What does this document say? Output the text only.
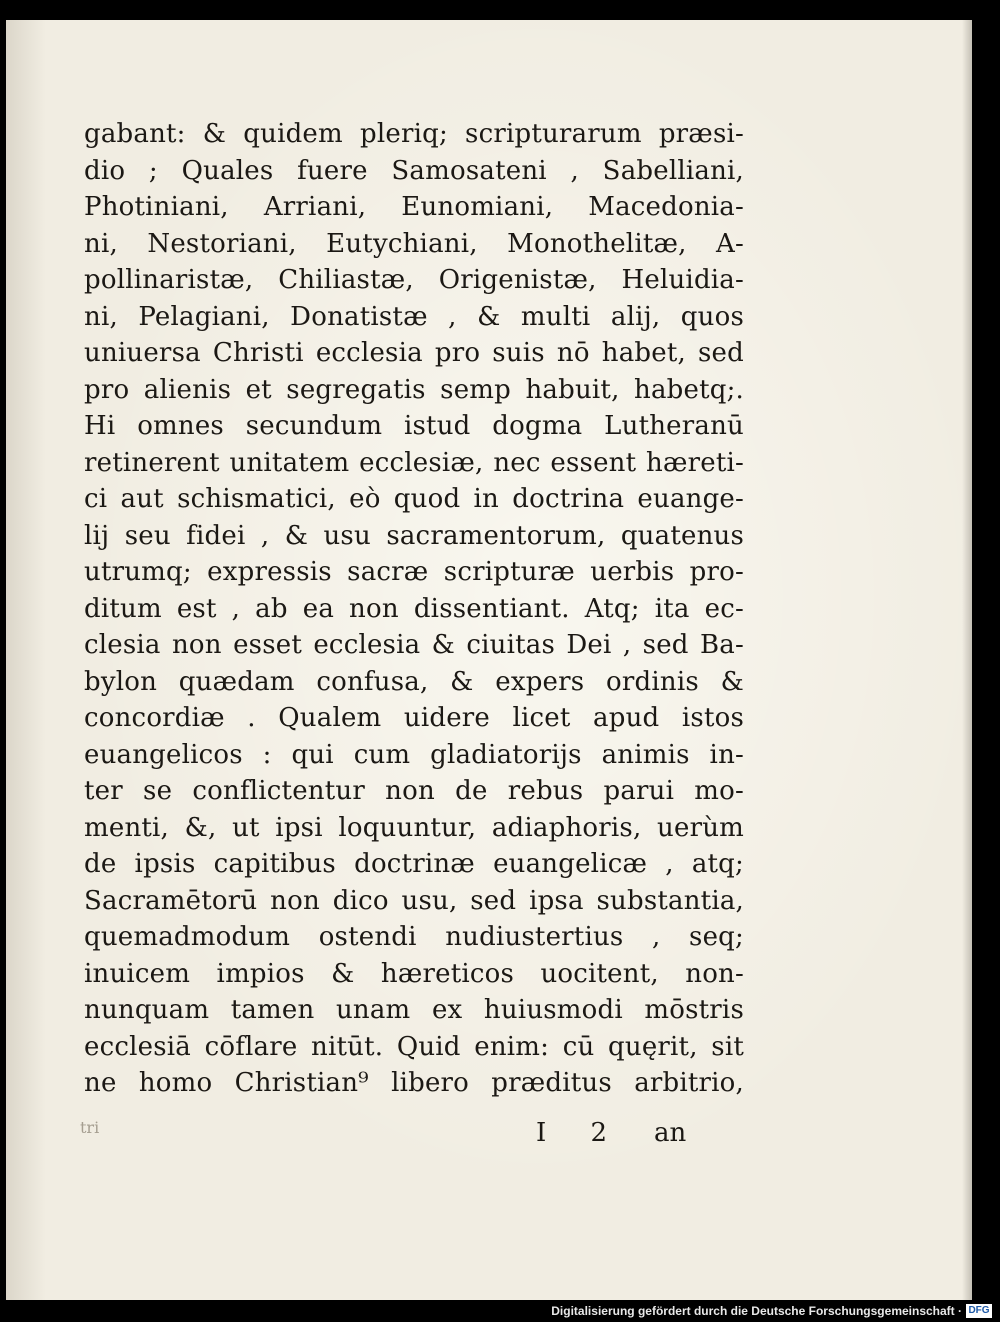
gabant: & quidem pleriq; scripturarum præsi-
dio ; Quales fuere Samosateni , Sabelliani,
Photiniani, Arriani, Eunomiani, Macedonia-
ni, Nestoriani, Eutychiani, Monothelitæ, A-
pollinaristæ, Chiliastæ, Origenistæ, Heluidia-
ni, Pelagiani, Donatistæ , & multi alij, quos
uniuersa Christi ecclesia pro suis nō habet, sed
pro alienis et segregatis semp habuit, habetq;.
Hi omnes secundum istud dogma Lutheranū
retinerent unitatem ecclesiæ, nec essent hæreti-
ci aut schismatici, eò quod in doctrina euange-
lij seu fidei , & usu sacramentorum, quatenus
utrumq; expressis sacræ scripturæ uerbis pro-
ditum est , ab ea non dissentiant. Atq; ita ec-
clesia non esset ecclesia & ciuitas Dei , sed Ba-
bylon quædam confusa, & expers ordinis &
concordiæ . Qualem uidere licet apud istos
euangelicos : qui cum gladiatorijs animis in-
ter se conflictentur non de rebus parui mo-
menti, &, ut ipsi loquuntur, adiaphoris, uerùm
de ipsis capitibus doctrinæ euangelicæ , atq;
Sacramētorū non dico usu, sed ipsa substantia,
quemadmodum ostendi nudiustertius , seq;
inuicem impios & hæreticos uocitent, non-
nunquam tamen unam ex huiusmodi mōstris
ecclesiā cōflare nitūt. Quid enim: cū quęrit, sit
ne homo Christian⁹ libero præditus arbitrio,
tri	I 2 an
Digitalisierung gefördert durch die Deutsche Forschungsgemeinschaft · DFG
